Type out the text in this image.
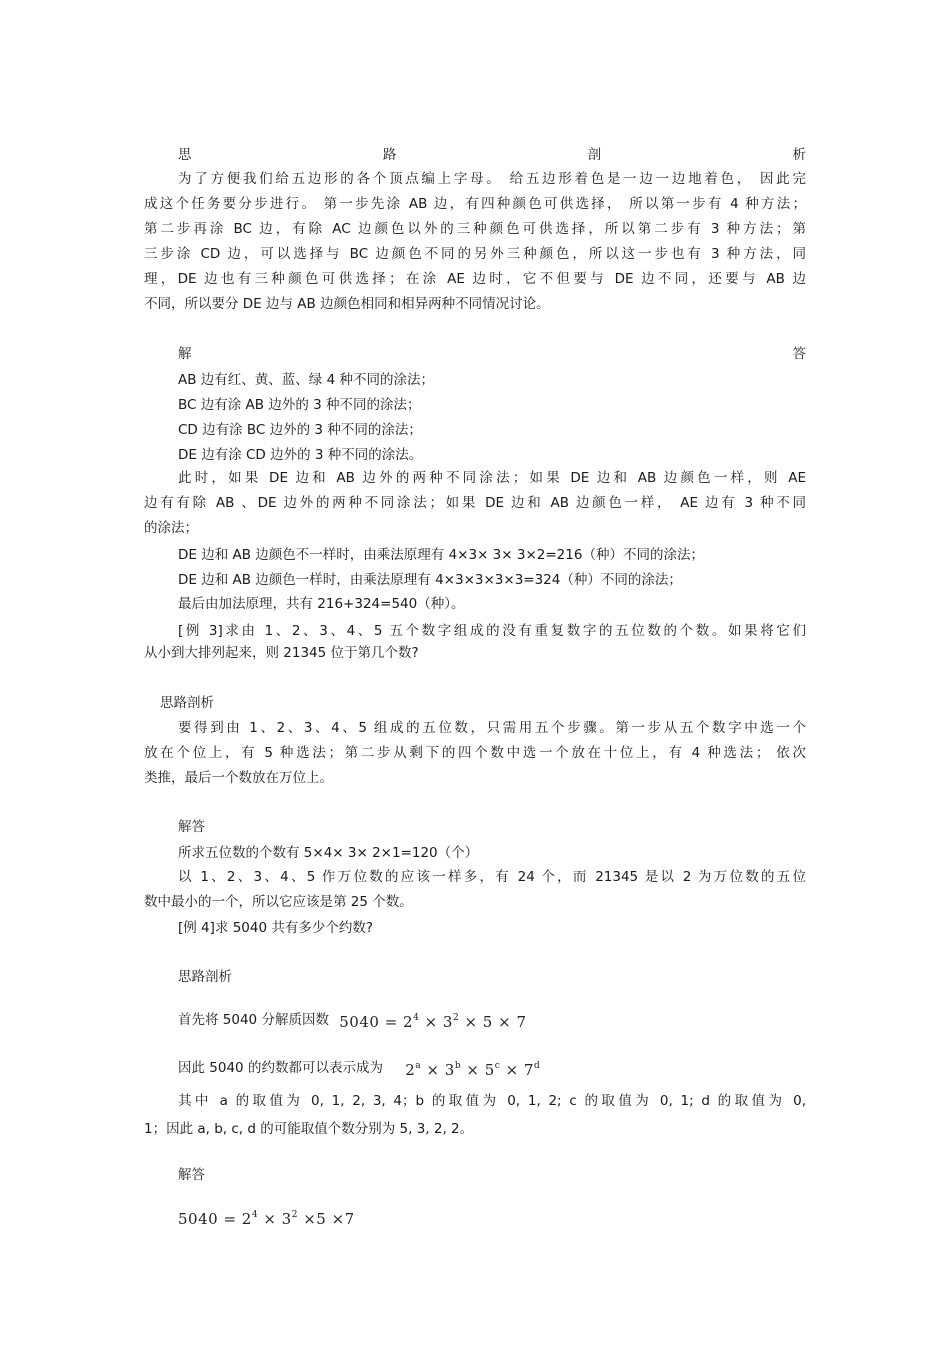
思路剖析
为了方便我们给五边形的各个顶点编上字母。 给五边形着色是一边一边地着色， 因此完
成这个任务要分步进行。 第一步先涂 AB 边，有四种颜色可供选择， 所以第一步有 4 种方法；
第二步再涂 BC 边，有除 AC 边颜色以外的三种颜色可供选择，所以第二步有 3 种方法；第
三步涂 CD 边，可以选择与 BC 边颜色不同的另外三种颜色，所以这一步也有 3 种方法，同
理，DE 边也有三种颜色可供选择；在涂 AE 边时，它不但要与 DE 边不同，还要与 AB 边
不同，所以要分 DE 边与 AB 边颜色相同和相异两种不同情况讨论。
解答
AB 边有红、黄、蓝、绿 4 种不同的涂法；
BC 边有涂 AB 边外的 3 种不同的涂法；
CD 边有涂 BC 边外的 3 种不同的涂法；
DE 边有涂 CD 边外的 3 种不同的涂法。
此时，如果 DE 边和 AB 边外的两种不同涂法；如果 DE 边和 AB 边颜色一样，则 AE
边有有除 AB 、DE 边外的两种不同涂法；如果 DE 边和 AB 边颜色一样， AE 边有 3 种不同
的涂法；
DE 边和 AB 边颜色不一样时，由乘法原理有 4×3× 3× 3×2=216（种）不同的涂法；
DE 边和 AB 边颜色一样时，由乘法原理有 4×3×3×3×3=324（种）不同的涂法；
最后由加法原理，共有 216+324=540（种）。
[例 3]求由 1、2、3、4、5 五个数字组成的没有重复数字的五位数的个数。如果将它们
从小到大排列起来，则 21345 位于第几个数?
思路剖析
要得到由 1、2、3、4、5 组成的五位数，只需用五个步骤。第一步从五个数字中选一个
放在个位上，有 5 种选法；第二步从剩下的四个数中选一个放在十位上，有 4 种选法； 依次
类推，最后一个数放在万位上。
解答
所求五位数的个数有 5×4× 3× 2×1=120（个）
以 1、2、3、4、5 作万位数的应该一样多，有 24 个，而 21345 是以 2 为万位数的五位
数中最小的一个，所以它应该是第 25 个数。
[例 4]求 5040 共有多少个约数?
思路剖析
首先将 5040 分解质因数 $5040 = 2^4 \times 3^2 \times 5 \times 7$
因此 5040 的约数都可以表示成为 $2^a \times 3^b \times 5^c \times 7^d$
其中 a 的取值为 0, 1, 2, 3, 4；b 的取值为 0, 1, 2; c 的取值为 0, 1; d 的取值为 0,
1；因此 a, b, c, d 的可能取值个数分别为 5, 3, 2, 2。
解答
$5040 = 2^4 \times 3^2 \times 5 \times 7$
